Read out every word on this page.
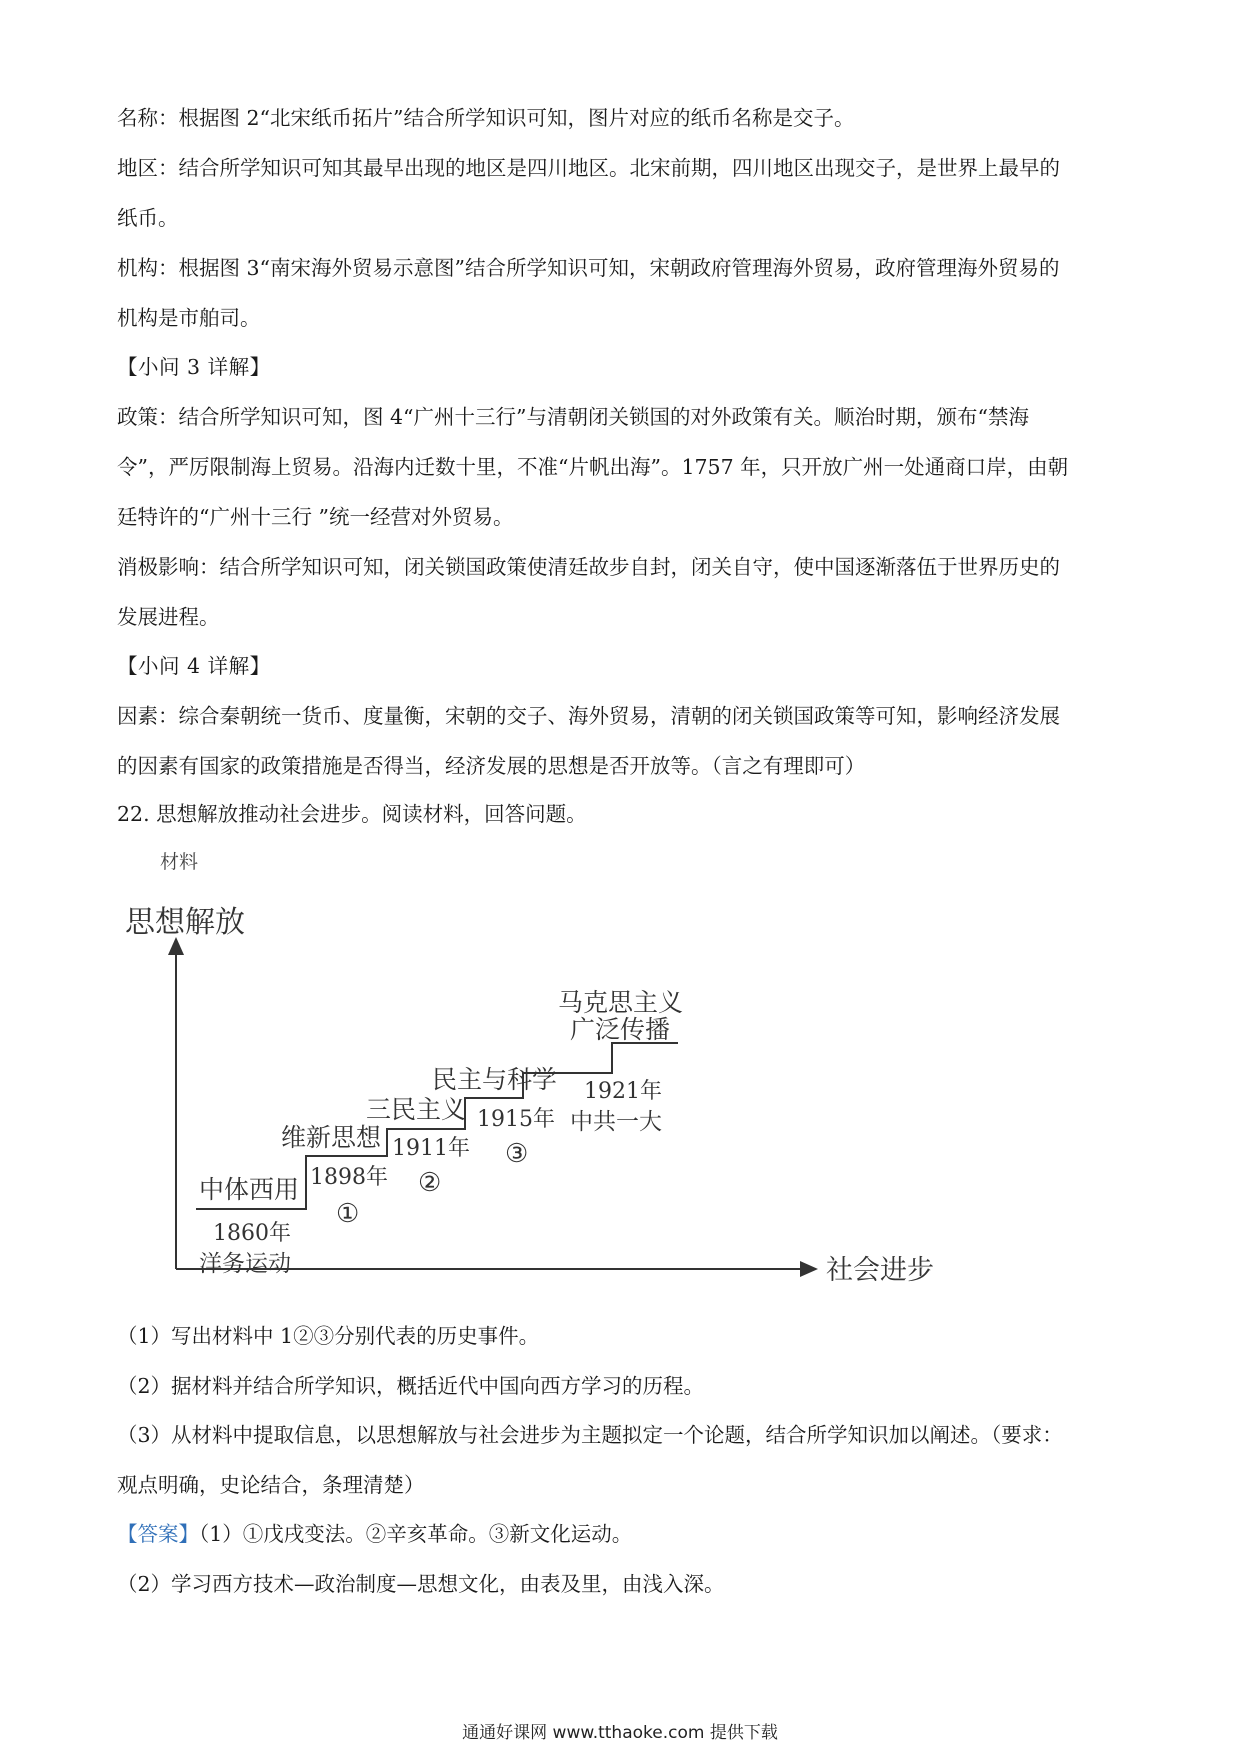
名称：根据图 2“北宋纸币拓片”结合所学知识可知，图片对应的纸币名称是交子。
地区：结合所学知识可知其最早出现的地区是四川地区。北宋前期，四川地区出现交子，是世界上最早的
纸币。
机构：根据图 3“南宋海外贸易示意图”结合所学知识可知，宋朝政府管理海外贸易，政府管理海外贸易的
机构是市舶司。
【小问 3 详解】
政策：结合所学知识可知，图 4“广州十三行”与清朝闭关锁国的对外政策有关。顺治时期，颁布“禁海
令”，严厉限制海上贸易。沿海内迁数十里，不准“片帆出海”。1757 年，只开放广州一处通商口岸，由朝
廷特许的“广州十三行 ”统一经营对外贸易。
消极影响：结合所学知识可知，闭关锁国政策使清廷故步自封，闭关自守，使中国逐渐落伍于世界历史的
发展进程。
【小问 4 详解】
因素：综合秦朝统一货币、度量衡，宋朝的交子、海外贸易，清朝的闭关锁国政策等可知，影响经济发展
的因素有国家的政策措施是否得当，经济发展的思想是否开放等。（言之有理即可）
22. 思想解放推动社会进步。阅读材料，回答问题。
材料
思想解放
社会进步
中体西用
1860年
洋务运动
维新思想
1898年
①
三民主义
1911年
②
民主与科学
1915年
③
马克思主义
广泛传播
1921年
中共一大
（1）写出材料中 1②③分别代表的历史事件。
（2）据材料并结合所学知识，概括近代中国向西方学习的历程。
（3）从材料中提取信息，以思想解放与社会进步为主题拟定一个论题，结合所学知识加以阐述。（要求：
观点明确，史论结合，条理清楚）
【答案】（1）①戊戌变法。②辛亥革命。③新文化运动。
（2）学习西方技术—政治制度—思想文化，由表及里，由浅入深。
通通好课网 www.tthaoke.com 提供下载
